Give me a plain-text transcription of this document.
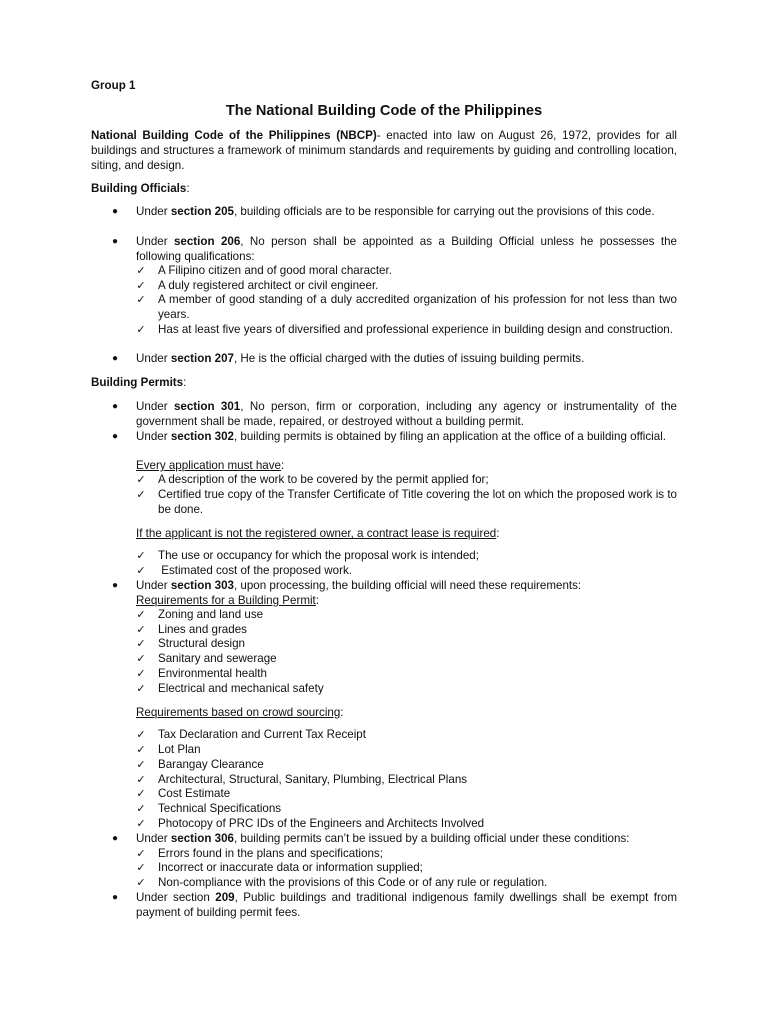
Group 1

The National Building Code of the Philippines

National Building Code of the Philippines (NBCP)- enacted into law on August 26, 1972, provides for all buildings and structures a framework of minimum standards and requirements by guiding and controlling location, siting, and design.

Building Officials:

● Under section 205, building officials are to be responsible for carrying out the provisions of this code.

● Under section 206, No person shall be appointed as a Building Official unless he possesses the following qualifications:

✓ A Filipino citizen and of good moral character.

✓ A duly registered architect or civil engineer.

✓ A member of good standing of a duly accredited organization of his profession for not less than two years.

✓ Has at least five years of diversified and professional experience in building design and construction.

● Under section 207, He is the official charged with the duties of issuing building permits.

Building Permits:

● Under section 301, No person, firm or corporation, including any agency or instrumentality of the government shall be made, repaired, or destroyed without a building permit.

● Under section 302, building permits is obtained by filing an application at the office of a building official.

Every application must have:

✓ A description of the work to be covered by the permit applied for;

✓ Certified true copy of the Transfer Certificate of Title covering the lot on which the proposed work is to be done.

If the applicant is not the registered owner, a contract lease is required:

✓ The use or occupancy for which the proposal work is intended;

✓ Estimated cost of the proposed work.

● Under section 303, upon processing, the building official will need these requirements:

Requirements for a Building Permit:

✓ Zoning and land use

✓ Lines and grades

✓ Structural design

✓ Sanitary and sewerage

✓ Environmental health

✓ Electrical and mechanical safety

Requirements based on crowd sourcing:

✓ Tax Declaration and Current Tax Receipt

✓ Lot Plan

✓ Barangay Clearance

✓ Architectural, Structural, Sanitary, Plumbing, Electrical Plans

✓ Cost Estimate

✓ Technical Specifications

✓ Photocopy of PRC IDs of the Engineers and Architects Involved

● Under section 306, building permits can’t be issued by a building official under these conditions:

✓ Errors found in the plans and specifications;

✓ Incorrect or inaccurate data or information supplied;

✓ Non-compliance with the provisions of this Code or of any rule or regulation.

● Under section 209, Public buildings and traditional indigenous family dwellings shall be exempt from payment of building permit fees.
